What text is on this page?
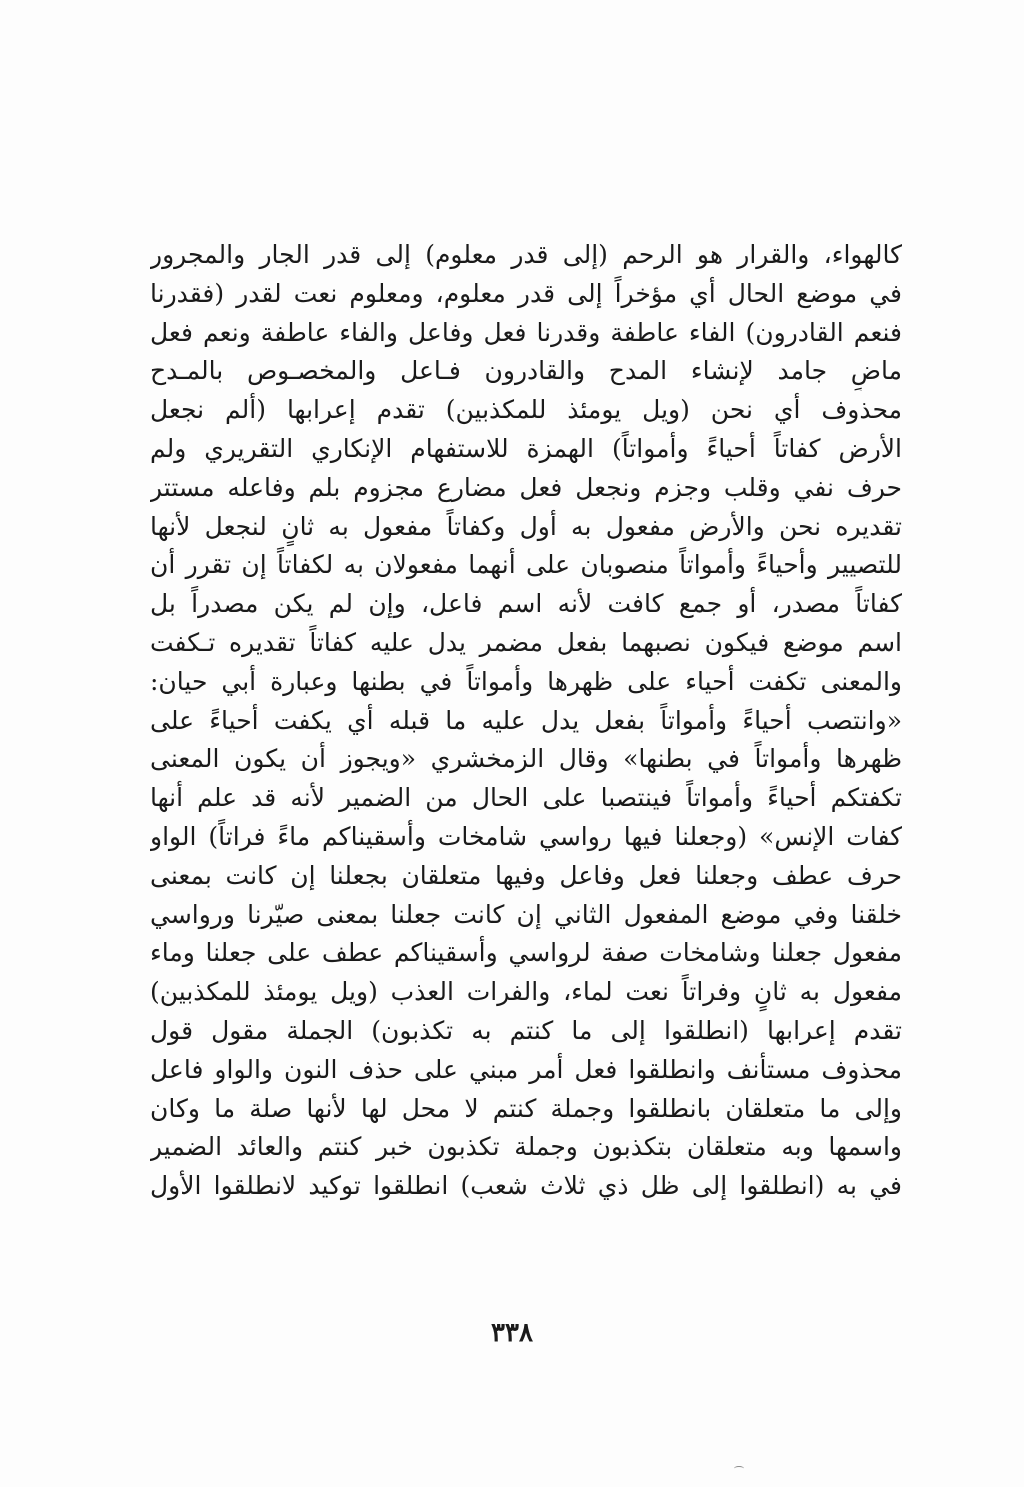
كالهواء، والقرار هو الرحم (إلى قدر معلوم) إلى قدر الجار والمجرور
في موضع الحال أي مؤخراً إلى قدر معلوم، ومعلوم نعت لقدر (فقدرنا
فنعم القادرون) الفاء عاطفة وقدرنا فعل وفاعل والفاء عاطفة ونعم فعل
ماضٍ جامد لإنشاء المدح والقادرون فـاعل والمخصـوص بالمـدح
محذوف أي نحن (ويل يومئذ للمكذبين) تقدم إعرابها (ألم نجعل
الأرض كفاتاً أحياءً وأمواتاً) الهمزة للاستفهام الإنكاري التقريري ولم
حرف نفي وقلب وجزم ونجعل فعل مضارع مجزوم بلم وفاعله مستتر
تقديره نحن والأرض مفعول به أول وكفاتاً مفعول به ثانٍ لنجعل لأنها
للتصيير وأحياءً وأمواتاً منصوبان على أنهما مفعولان به لكفاتاً إن تقرر أن
كفاتاً مصدر، أو جمع كافت لأنه اسم فاعل، وإن لم يكن مصدراً بل
اسم موضع فيكون نصبهما بفعل مضمر يدل عليه كفاتاً تقديره تـكفت
والمعنى تكفت أحياء على ظهرها وأمواتاً في بطنها وعبارة أبي حيان:
«وانتصب أحياءً وأمواتاً بفعل يدل عليه ما قبله أي يكفت أحياءً على
ظهرها وأمواتاً في بطنها» وقال الزمخشري «ويجوز أن يكون المعنى
تكفتكم أحياءً وأمواتاً فينتصبا على الحال من الضمير لأنه قد علم أنها
كفات الإنس» (وجعلنا فيها رواسي شامخات وأسقيناكم ماءً فراتاً) الواو
حرف عطف وجعلنا فعل وفاعل وفيها متعلقان بجعلنا إن كانت بمعنى
خلقنا وفي موضع المفعول الثاني إن كانت جعلنا بمعنى صيّرنا ورواسي
مفعول جعلنا وشامخات صفة لرواسي وأسقيناكم عطف على جعلنا وماء
مفعول به ثانٍ وفراتاً نعت لماء، والفرات العذب (ويل يومئذ للمكذبين)
تقدم إعرابها (انطلقوا إلى ما كنتم به تكذبون) الجملة مقول قول
محذوف مستأنف وانطلقوا فعل أمر مبني على حذف النون والواو فاعل
وإلى ما متعلقان بانطلقوا وجملة كنتم لا محل لها لأنها صلة ما وكان
واسمها وبه متعلقان بتكذبون وجملة تكذبون خبر كنتم والعائد الضمير
في به (انطلقوا إلى ظل ذي ثلاث شعب) انطلقوا توكيد لانطلقوا الأول
٣٣٨
